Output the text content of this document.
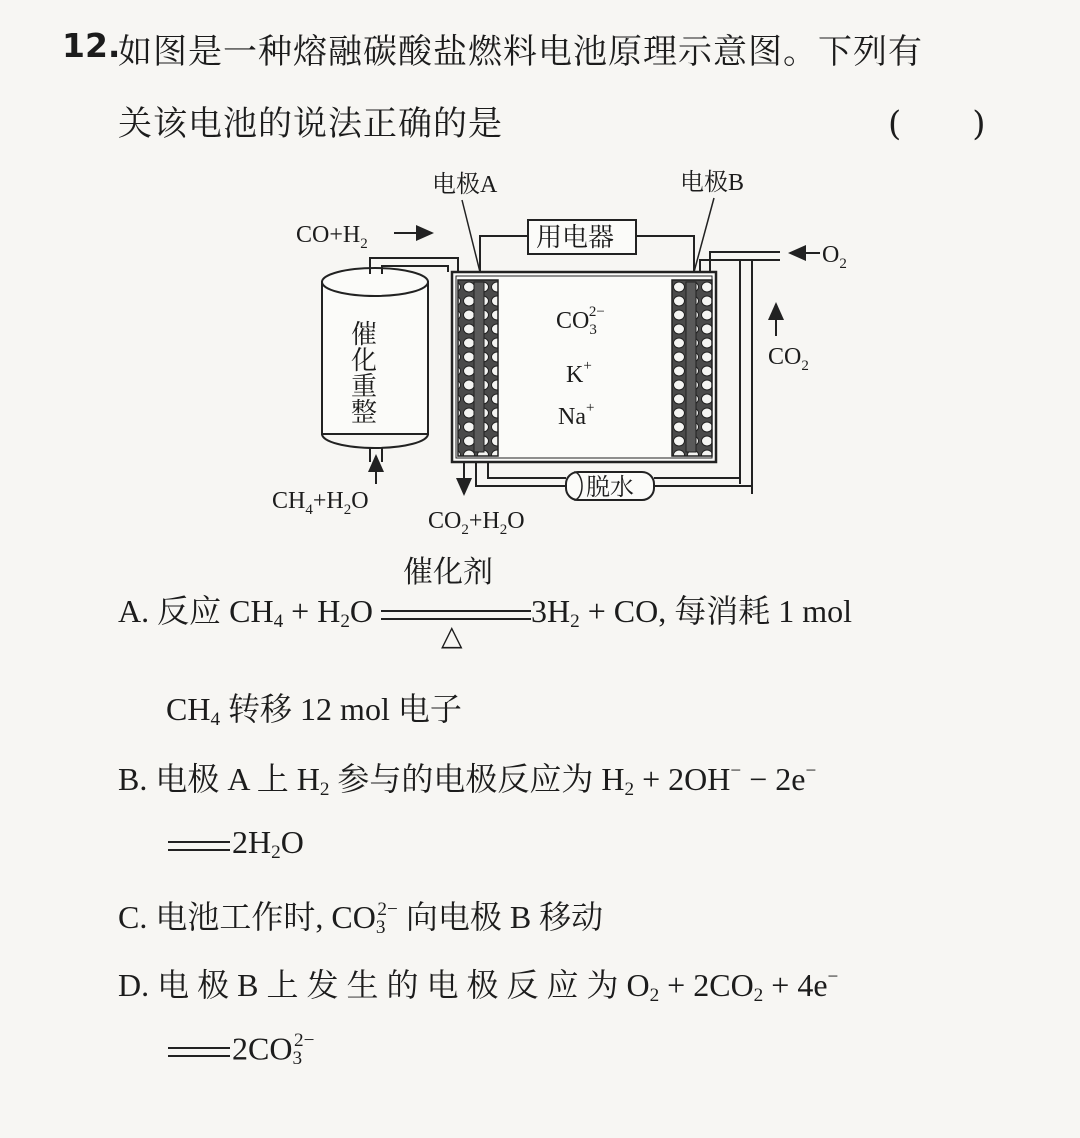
12.
如图是一种熔融碳酸盐燃料电池原理示意图。下列有
关该电池的说法正确的是	(　　)
电极A	电极B
用电器
脱水
催化重整
$CO+H_2$
$CH_4+H_2O$
$CO_2+H_2O$
$O_2$
$CO_2$
$CO_32-$
K+
Na+
A. 反应 $CH_4 + H_2O$
催化剂
△
$3H_2$ + CO, 每消耗 1 mol
$CH_4$ 转移 12 mol 电子
B. 电极 A 上 $H_2$ 参与的电极反应为 $H_2 + 2OH^- - 2e^-$
$2H_2O$
C. 电池工作时, $CO_3^{2-}$ 向电极 B 移动
D. 电 极 B 上 发 生 的 电 极 反 应 为 $O_2 + 2CO_2 + 4e^-$
$2CO_3^{2-}$
